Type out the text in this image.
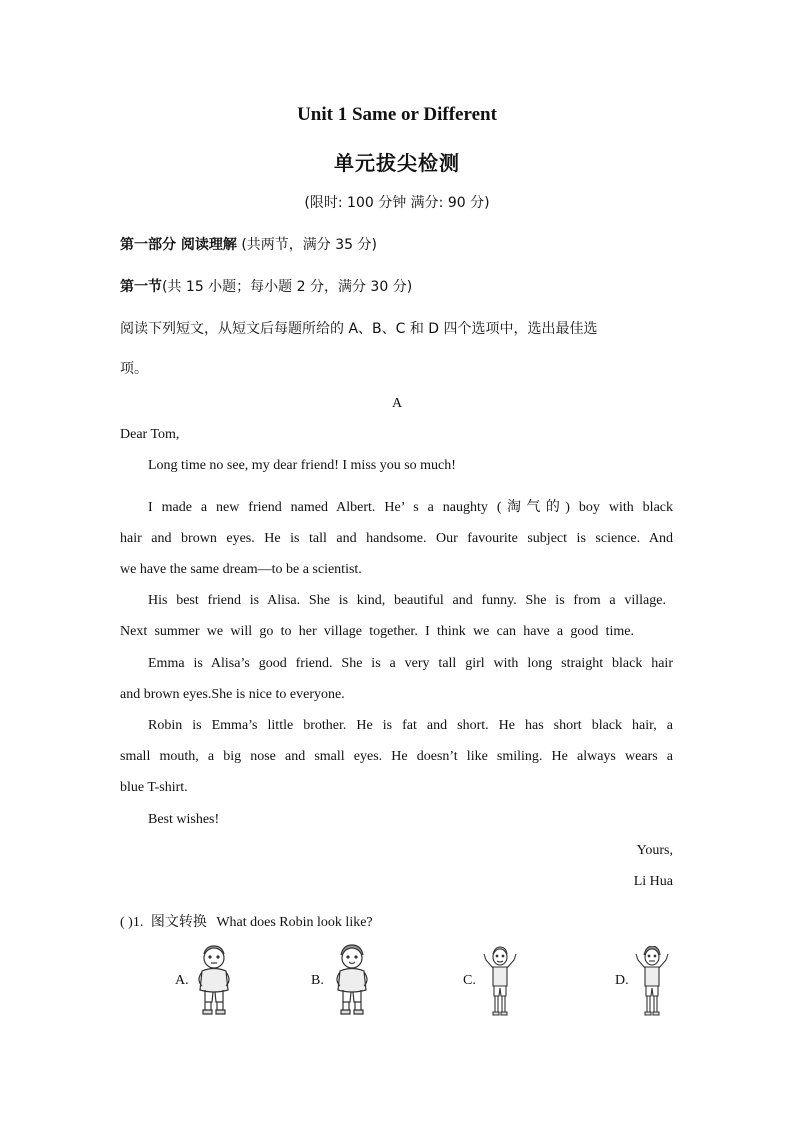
Unit 1 Same or Different
单元拔尖检测
(限时: 100 分钟 满分: 90 分)
第一部分 阅读理解 (共两节，满分 35 分)
第一节(共 15 小题；每小题 2 分，满分 30 分)
阅读下列短文，从短文后每题所给的 A、B、C 和 D 四个选项中，选出最佳选
项。
A
Dear Tom,
Long time no see, my dear friend! I miss you so much!
I made a new friend named Albert. He’ s a naughty (淘气的) boy with black
hair and brown eyes. He is tall and handsome. Our favourite subject is science. And
we have the same dream—to be a scientist.
His best friend is Alisa. She is kind, beautiful and funny. She is from a village.
Next summer we will go to her village together. I think we can have a good time.
Emma is Alisa’s good friend. She is a very tall girl with long straight black hair
and brown eyes.She is nice to everyone.
Robin is Emma’s little brother. He is fat and short. He has short black hair, a
small mouth, a big nose and small eyes. He doesn’t like smiling. He always wears a
blue T-shirt.
Best wishes!
Yours,
Li Hua
( )1. 图文转换 What does Robin look like?
A.	B.	C.	D.
